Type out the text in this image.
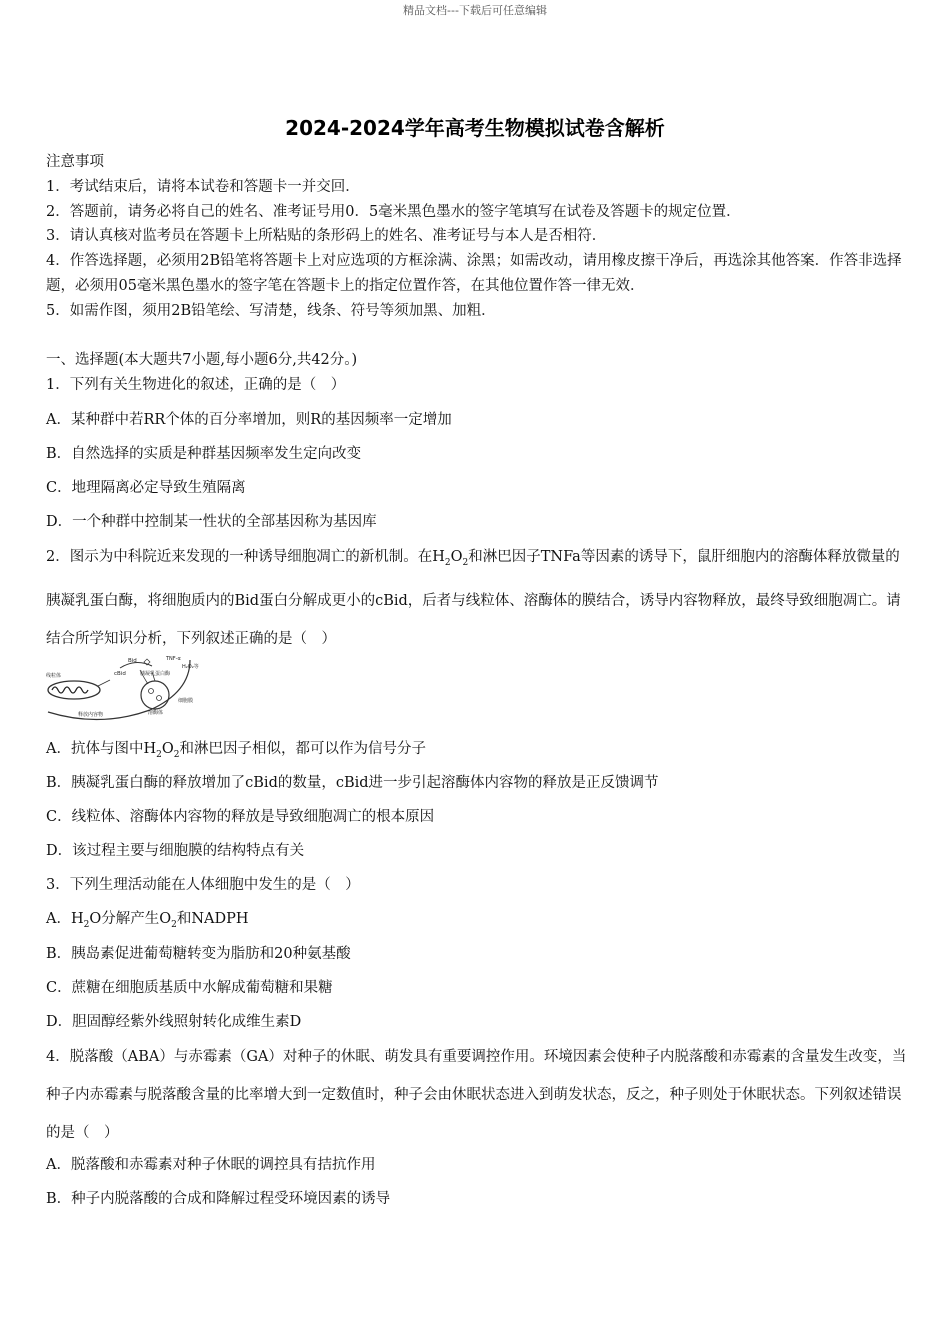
精品文档---下载后可任意编辑
2024-2024学年高考生物模拟试卷含解析
注意事项
1．考试结束后，请将本试卷和答题卡一并交回．
2．答题前，请务必将自己的姓名、准考证号用0．5毫米黑色墨水的签字笔填写在试卷及答题卡的规定位置．
3．请认真核对监考员在答题卡上所粘贴的条形码上的姓名、准考证号与本人是否相符．
4．作答选择题，必须用2B铅笔将答题卡上对应选项的方框涂满、涂黑；如需改动，请用橡皮擦干净后，再选涂其他答案．作答非选择题，必须用05毫米黑色墨水的签字笔在答题卡上的指定位置作答，在其他位置作答一律无效．
5．如需作图，须用2B铅笔绘、写清楚，线条、符号等须加黑、加粗．
一、选择题(本大题共7小题,每小题6分,共42分。)
1．下列有关生物进化的叙述，正确的是（　）
A．某种群中若RR个体的百分率增加，则R的基因频率一定增加
B．自然选择的实质是种群基因频率发生定向改变
C．地理隔离必定导致生殖隔离
D．一个种群中控制某一性状的全部基因称为基因库
2．图示为中科院近来发现的一种诱导细胞凋亡的新机制。在$H_2O_2$和淋巴因子TNFa等因素的诱导下，鼠肝细胞内的溶酶体释放微量的胰凝乳蛋白酶，将细胞质内的Bid蛋白分解成更小的cBid，后者与线粒体、溶酶体的膜结合，诱导内容物释放，最终导致细胞凋亡。请结合所学知识分析，下列叙述正确的是（　）
Bid
cBid	胰凝乳蛋白酶
线粒体
溶酶体
释放内容物
细胞膜
TNF-α
H₂O₂等
A．抗体与图中$H_2O_2$和淋巴因子相似，都可以作为信号分子
B．胰凝乳蛋白酶的释放增加了cBid的数量，cBid进一步引起溶酶体内容物的释放是正反馈调节
C．线粒体、溶酶体内容物的释放是导致细胞凋亡的根本原因
D．该过程主要与细胞膜的结构特点有关
3．下列生理活动能在人体细胞中发生的是（　）
A．$H_2O$分解产生$O_2$和NADPH
B．胰岛素促进葡萄糖转变为脂肪和20种氨基酸
C．蔗糖在细胞质基质中水解成葡萄糖和果糖
D．胆固醇经紫外线照射转化成维生素D
4．脱落酸（ABA）与赤霉素（GA）对种子的休眠、萌发具有重要调控作用。环境因素会使种子内脱落酸和赤霉素的含量发生改变，当种子内赤霉素与脱落酸含量的比率增大到一定数值时，种子会由休眠状态进入到萌发状态，反之，种子则处于休眠状态。下列叙述错误的是（　）
A．脱落酸和赤霉素对种子休眠的调控具有拮抗作用
B．种子内脱落酸的合成和降解过程受环境因素的诱导
